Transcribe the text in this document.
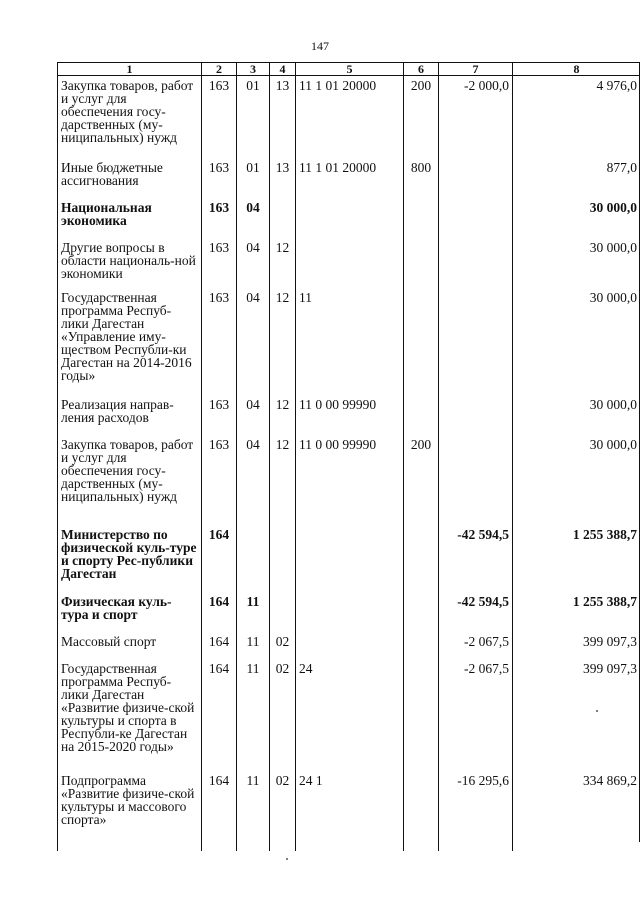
147
1	2	3	4	5	6	7	8
Закупка товаров, работ и услуг для обеспечения госу-дарственных (му-ниципальных) нужд	163	01	13	11 1 01 20000	200	-2 000,0	4 976,0
Иные бюджетные ассигнования	163	01	13	11 1 01 20000	800		877,0
Национальная экономика	163	04					30 000,0
Другие вопросы в области националь-ной экономики	163	04	12				30 000,0
Государственная программа Респуб-лики Дагестан «Управление иму-ществом Республи-ки Дагестан на 2014-2016 годы»	163	04	12	11			30 000,0
Реализация направ-ления расходов	163	04	12	11 0 00 99990			30 000,0
Закупка товаров, работ и услуг для обеспечения госу-дарственных (му-ниципальных) нужд	163	04	12	11 0 00 99990	200		30 000,0
Министерство по физической куль-туре и спорту Рес-публики Дагестан	164					-42 594,5	1 255 388,7
Физическая куль-тура и спорт	164	11				-42 594,5	1 255 388,7
Массовый спорт	164	11	02			-2 067,5	399 097,3
Государственная программа Респуб-лики Дагестан «Развитие физиче-ской культуры и спорта в Республи-ке Дагестан на 2015-2020 годы»	164	11	02	24		-2 067,5	399 097,3
Подпрограмма «Развитие физиче-ской культуры и массового спорта»	164	11	02	24 1		-16 295,6	334 869,2
